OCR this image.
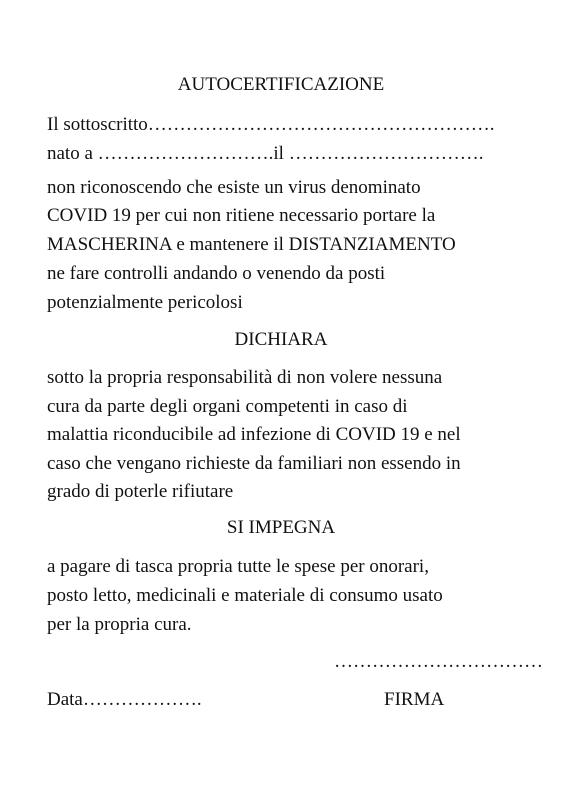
AUTOCERTIFICAZIONE
Il sottoscritto……………………………………………….
nato a ……………………….il ………………………….
non riconoscendo che esiste un virus denominato
COVID 19 per cui non ritiene necessario portare la
MASCHERINA e mantenere il DISTANZIAMENTO
ne fare controlli andando o venendo da posti
potenzialmente pericolosi
DICHIARA
sotto la propria responsabilità di non volere nessuna
cura da parte degli organi competenti in caso di
malattia riconducibile ad infezione di COVID 19 e nel
caso che vengano richieste da familiari non essendo in
grado di poterle rifiutare
SI IMPEGNA
a pagare di tasca propria tutte le spese per onorari,
posto letto, medicinali e materiale di consumo usato
per la propria cura.
……………………………
Data……………….	FIRMA
